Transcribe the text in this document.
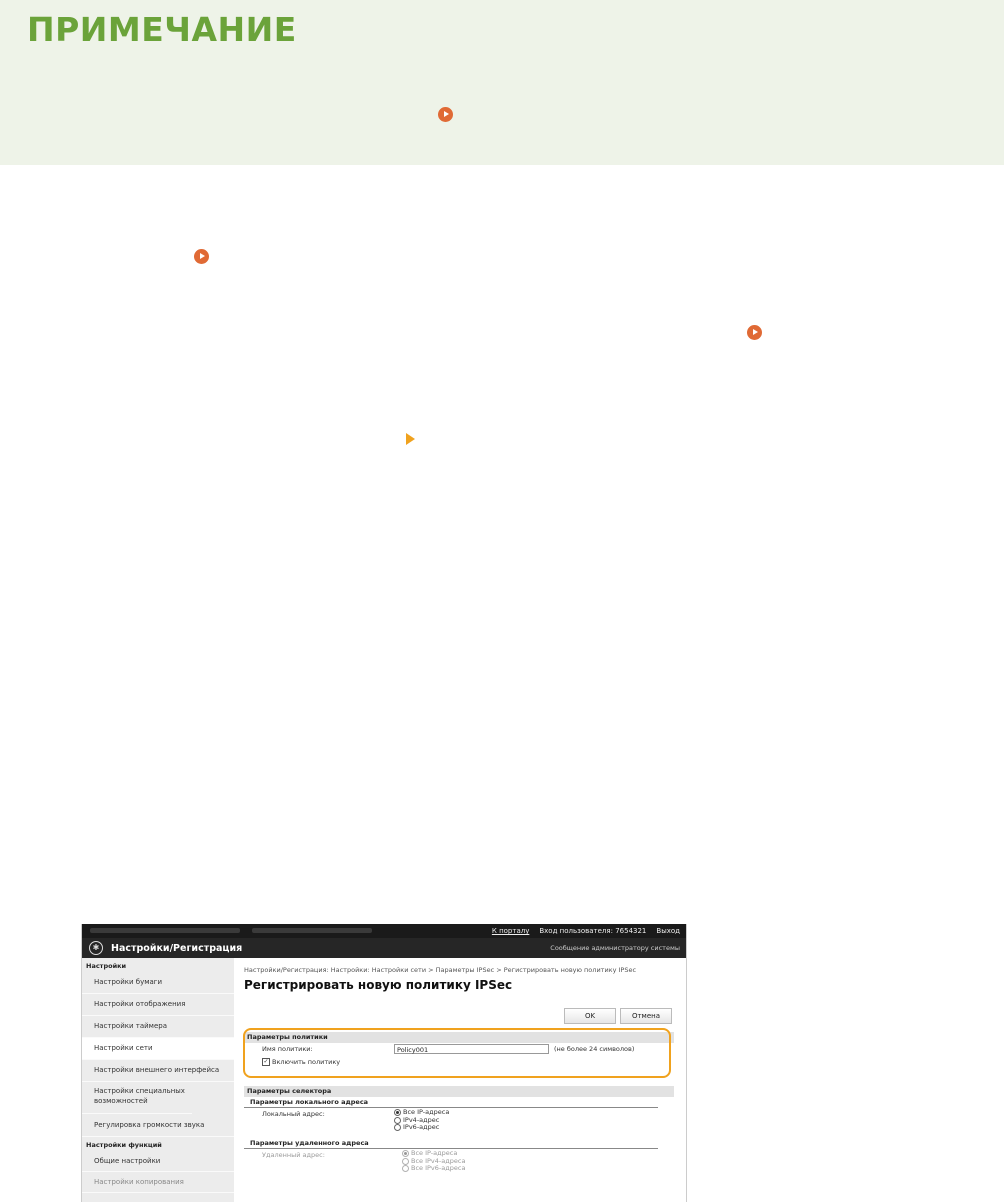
ПРИМЕЧАНИЕ
К порталу Вход пользователя: 7654321 Выход
✱	Настройки/Регистрация	Сообщение администратору системы
Настройки
Настройки бумаги
Настройки отображения
Настройки таймера
Настройки сети
Настройки внешнего интерфейса
Настройки специальных возможностей
Регулировка громкости звука
Настройки функций
Общие настройки
Настройки копирования
Настройки/Регистрация: Настройки: Настройки сети > Параметры IPSec > Регистрировать новую политику IPSec
Регистрировать новую политику IPSec
OK	Отмена
Параметры политики
Имя политики:	Policy001	(не более 24 символов)
✓ Включить политику
Параметры селектора
Параметры локального адреса
Локальный адрес:	Все IP-адреса
IPv4-адрес
IPv6-адрес
Параметры удаленного адреса
Удаленный адрес:	Все IP-адреса
Все IPv4-адреса
Все IPv6-адреса
